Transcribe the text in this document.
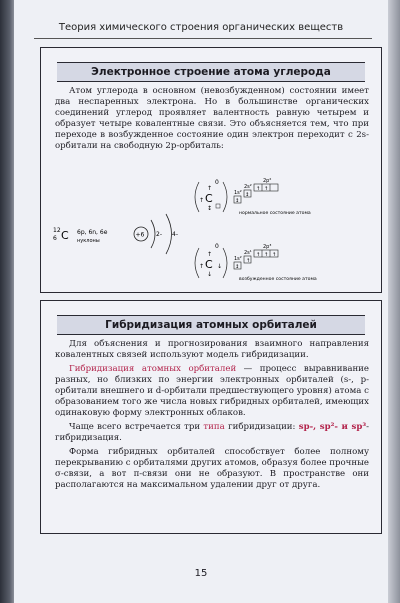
Теория химического строения органических веществ
Электронное строение атома углерода

Атом углерода в основном (невозбужденном) состоянии имеет два неспаренных электрона. Но в большинстве органических соединений углерод проявляет валентность равную четырем и образует четыре ковалентные связи. Это объясняется тем, что при переходе в возбужденное состояние один электрон переходит с 2s-орбитали на свободную 2p-орбиталь:

12
6 C 6p, 6n, 6e
нуклоны
+6 2- 4-
0
C
↑
↑
↕
1s²
↕
2s²
↕
2p²
↑ ↑
нормальное состояние атома
0
C
↑
↑ ↓
↓
1s²
↕
2s¹
↑
2p³
↑ ↑ ↑
возбужденное состояние атома
Гибридизация атомных орбиталей

Для объяснения и прогнозирования взаимного направления ковалентных связей используют модель гибридизации.

Гибридизация атомных орбиталей — процесс выравнивание разных, но близких по энергии электронных орбиталей (s-, p-орбитали внешнего и d-орбитали предшествующего уровня) атома с образованием того же числа новых гибридных орбиталей, имеющих одинаковую форму электронных облаков.

Чаще всего встречается три типа гибридизации: sp-, sp²- и sp³-гибридизация.

Форма гибридных орбиталей способствует более полному перекрыванию с орбиталями других атомов, образуя более прочные σ-связи, а вот π-связи они не образуют. В пространстве они располагаются на максимальном удалении друг от друга.

15
